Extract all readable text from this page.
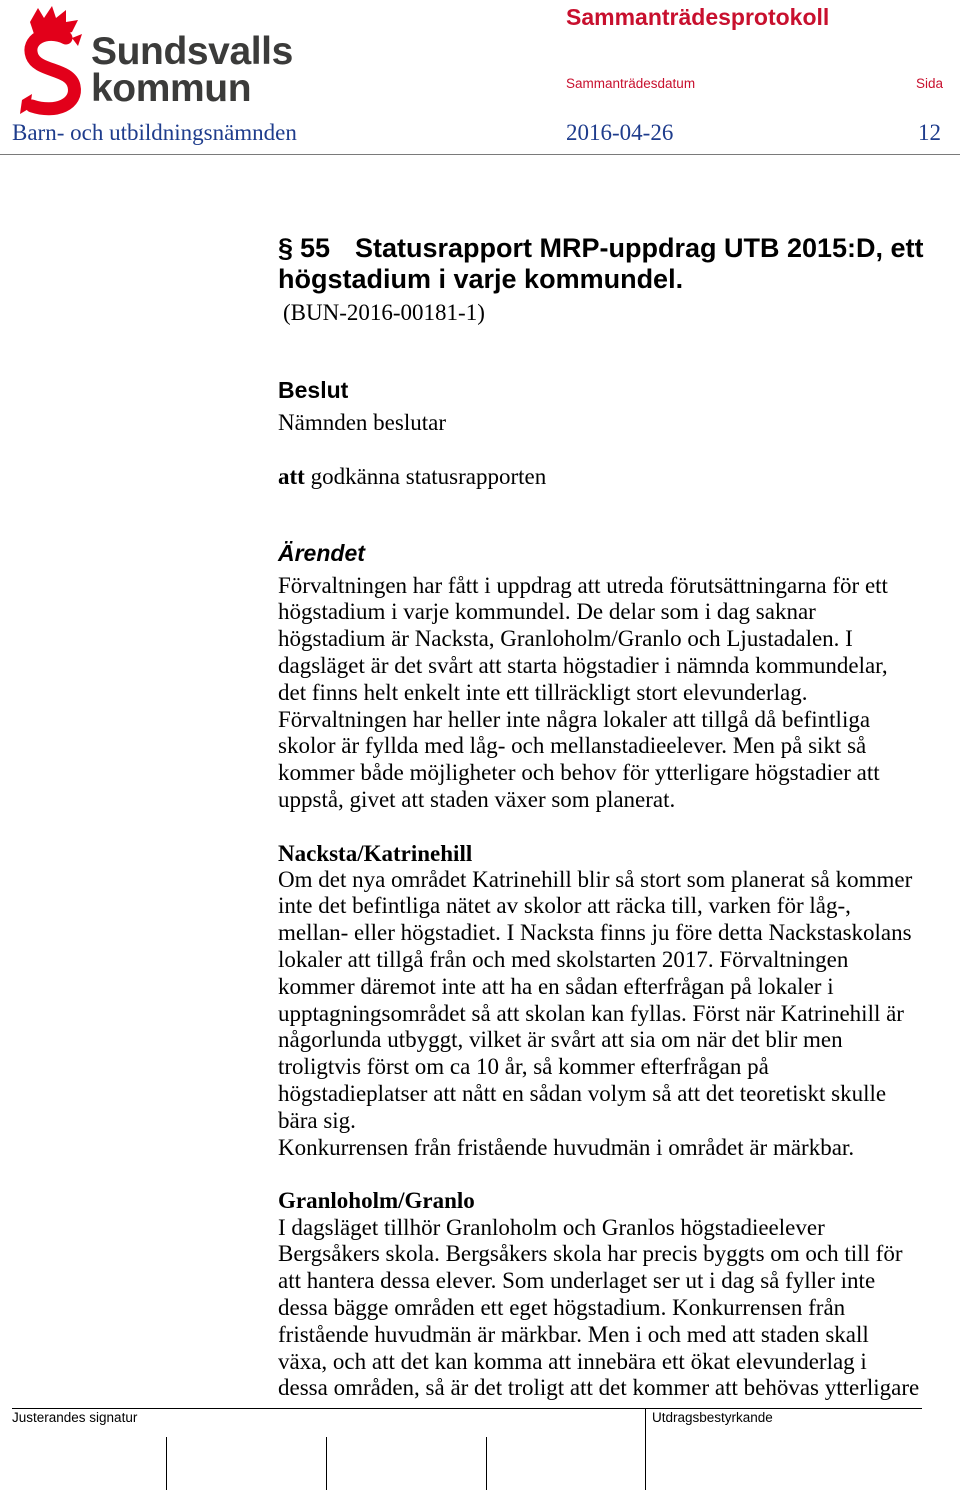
Sundsvalls
kommun
Sammanträdesprotokoll
Sammanträdesdatum	Sida
Barn- och utbildningsnämnden	2016-04-26	12
§ 55 Statusrapport MRP-uppdrag UTB 2015:D, ett
högstadium i varje kommundel.
(BUN-2016-00181-1)
Beslut
Nämnden beslutar
att godkänna statusrapporten
Ärendet
Förvaltningen har fått i uppdrag att utreda förutsättningarna för ett
högstadium i varje kommundel. De delar som i dag saknar
högstadium är Nacksta, Granloholm/Granlo och Ljustadalen. I
dagsläget är det svårt att starta högstadier i nämnda kommundelar,
det finns helt enkelt inte ett tillräckligt stort elevunderlag.
Förvaltningen har heller inte några lokaler att tillgå då befintliga
skolor är fyllda med låg- och mellanstadieelever. Men på sikt så
kommer både möjligheter och behov för ytterligare högstadier att
uppstå, givet att staden växer som planerat.
Nacksta/Katrinehill
Om det nya området Katrinehill blir så stort som planerat så kommer
inte det befintliga nätet av skolor att räcka till, varken för låg-,
mellan- eller högstadiet. I Nacksta finns ju före detta Nackstaskolans
lokaler att tillgå från och med skolstarten 2017. Förvaltningen
kommer däremot inte att ha en sådan efterfrågan på lokaler i
upptagningsområdet så att skolan kan fyllas. Först när Katrinehill är
någorlunda utbyggt, vilket är svårt att sia om när det blir men
troligtvis först om ca 10 år, så kommer efterfrågan på
högstadieplatser att nått en sådan volym så att det teoretiskt skulle
bära sig.
Konkurrensen från fristående huvudmän i området är märkbar.
Granloholm/Granlo
I dagsläget tillhör Granloholm och Granlos högstadieelever
Bergsåkers skola. Bergsåkers skola har precis byggts om och till för
att hantera dessa elever. Som underlaget ser ut i dag så fyller inte
dessa bägge områden ett eget högstadium. Konkurrensen från
fristående huvudmän är märkbar. Men i och med att staden skall
växa, och att det kan komma att innebära ett ökat elevunderlag i
dessa områden, så är det troligt att det kommer att behövas ytterligare
Justerandes signatur	Utdragsbestyrkande
